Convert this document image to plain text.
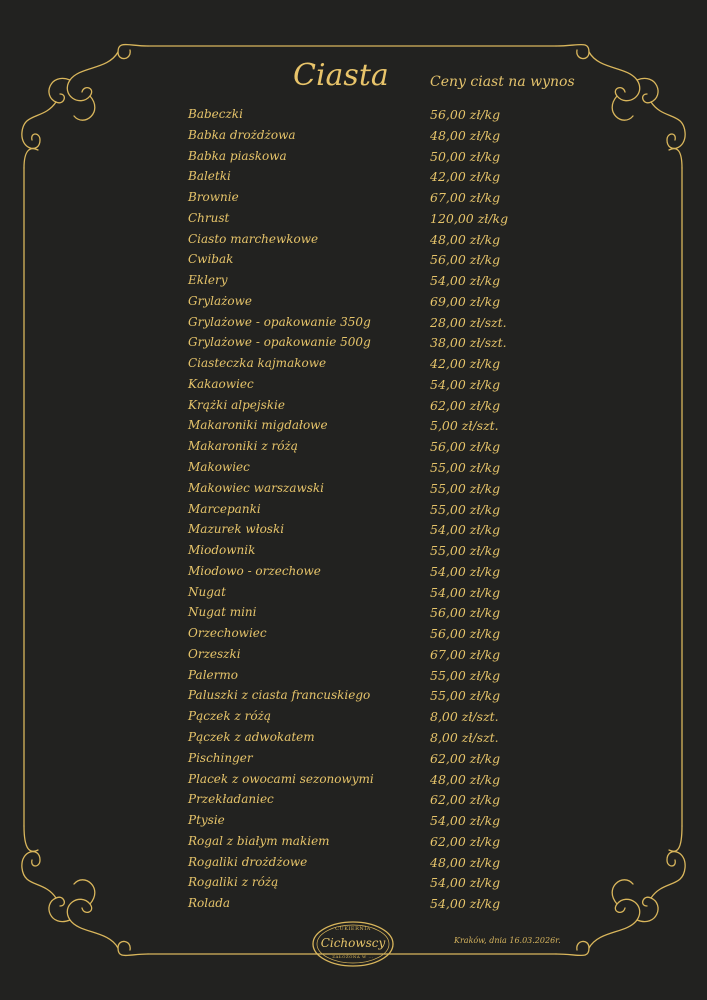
Ciasta	Ceny ciast na wynos
Babeczki	56,00 zł/kg
Babka drożdżowa	48,00 zł/kg
Babka piaskowa	50,00 zł/kg
Baletki	42,00 zł/kg
Brownie	67,00 zł/kg
Chrust	120,00 zł/kg
Ciasto marchewkowe	48,00 zł/kg
Cwibak	56,00 zł/kg
Eklery	54,00 zł/kg
Grylażowe	69,00 zł/kg
Grylażowe - opakowanie 350g	28,00 zł/szt.
Grylażowe - opakowanie 500g	38,00 zł/szt.
Ciasteczka kajmakowe	42,00 zł/kg
Kakaowiec	54,00 zł/kg
Krążki alpejskie	62,00 zł/kg
Makaroniki migdałowe	5,00 zł/szt.
Makaroniki z różą	56,00 zł/kg
Makowiec	55,00 zł/kg
Makowiec warszawski	55,00 zł/kg
Marcepanki	55,00 zł/kg
Mazurek włoski	54,00 zł/kg
Miodownik	55,00 zł/kg
Miodowo - orzechowe	54,00 zł/kg
Nugat	54,00 zł/kg
Nugat mini	56,00 zł/kg
Orzechowiec	56,00 zł/kg
Orzeszki	67,00 zł/kg
Palermo	55,00 zł/kg
Paluszki z ciasta francuskiego	55,00 zł/kg
Pączek z różą	8,00 zł/szt.
Pączek z adwokatem	8,00 zł/szt.
Pischinger	62,00 zł/kg
Placek z owocami sezonowymi	48,00 zł/kg
Przekładaniec	62,00 zł/kg
Ptysie	54,00 zł/kg
Rogal z białym makiem	62,00 zł/kg
Rogaliki drożdżowe	48,00 zł/kg
Rogaliki z różą	54,00 zł/kg
Rolada	54,00 zł/kg
CUKIERNIA
Cichowscy
ZAŁOŻONA W ...
Kraków, dnia 16.03.2026r.
